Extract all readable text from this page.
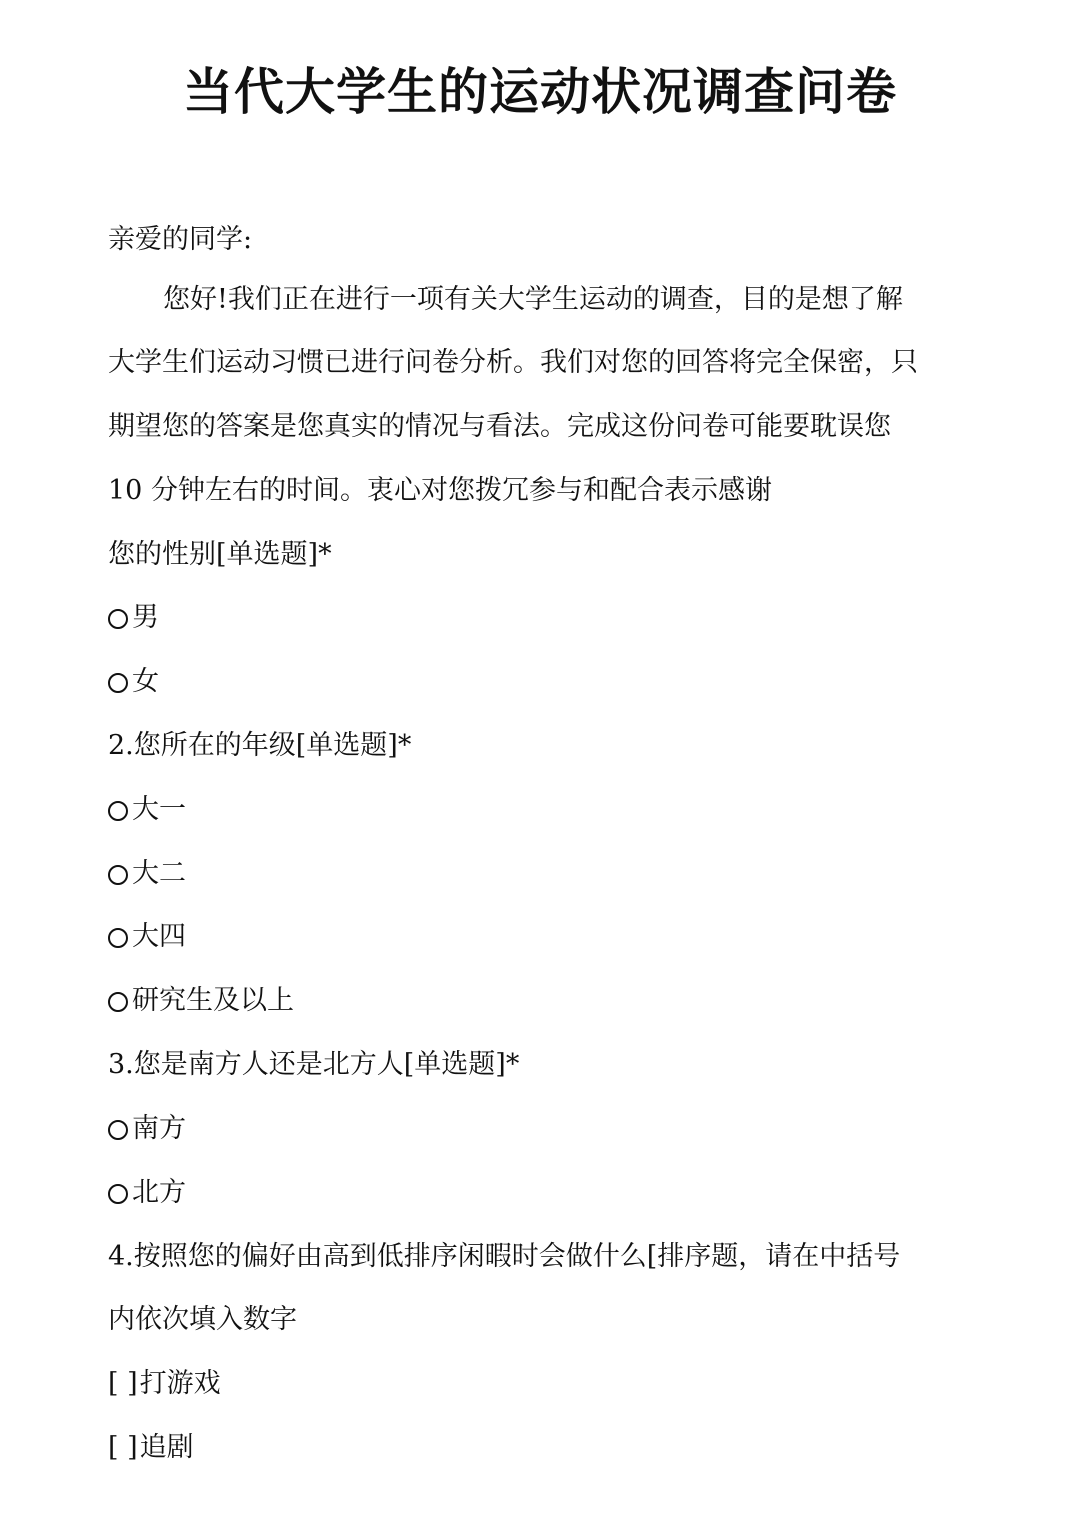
当代大学生的运动状况调查问卷

亲爱的同学:

您好!我们正在进行一项有关大学生运动的调查，目的是想了解

大学生们运动习惯已进行问卷分析。我们对您的回答将完全保密，只

期望您的答案是您真实的情况与看法。完成这份问卷可能要耽误您

10 分钟左右的时间。衷心对您拨冗参与和配合表示感谢

您的性别[单选题]*

男
女

2.您所在的年级[单选题]*

大一
大二
大四
研究生及以上

3.您是南方人还是北方人[单选题]*

南方
北方

4.按照您的偏好由高到低排序闲暇时会做什么[排序题，请在中括号

内依次填入数字

[ ]打游戏
[ ]追剧
